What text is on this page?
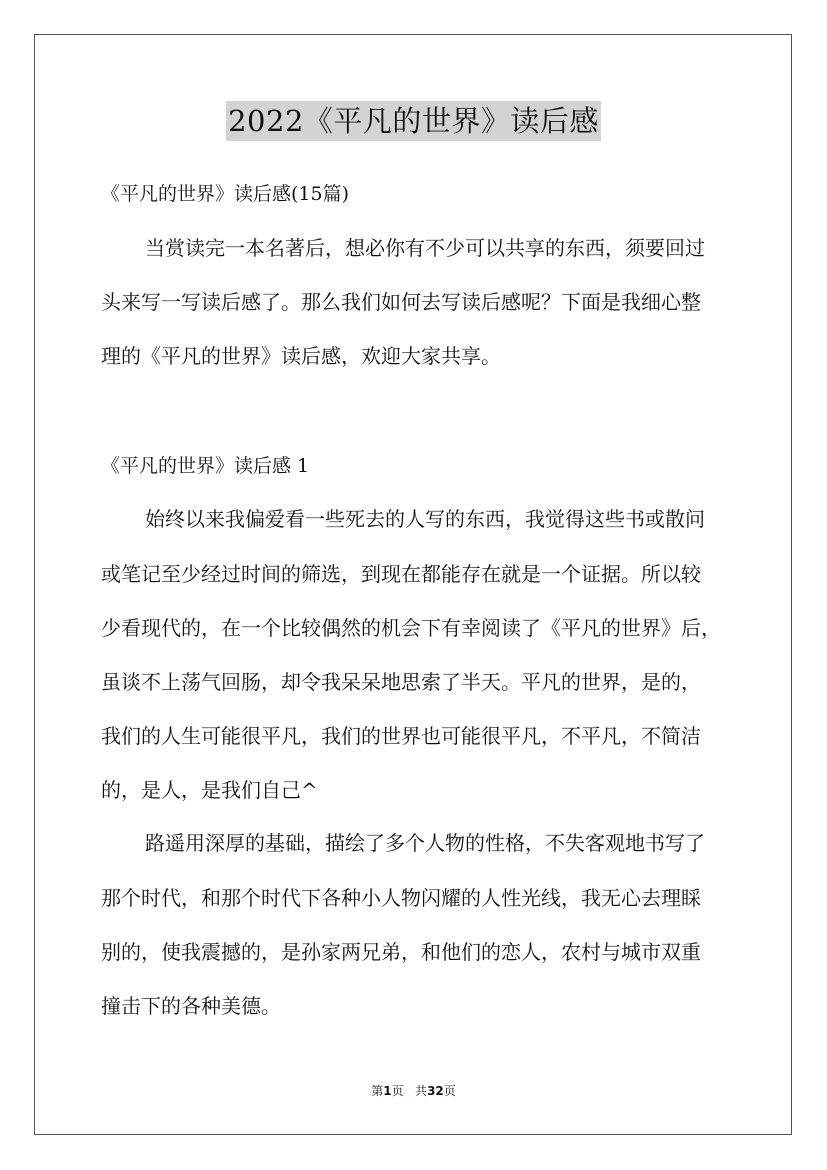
2022《平凡的世界》读后感
《平凡的世界》读后感(15篇)
当赏读完一本名著后，想必你有不少可以共享的东西，须要回过
头来写一写读后感了。那么我们如何去写读后感呢？下面是我细心整
理的《平凡的世界》读后感，欢迎大家共享。
《平凡的世界》读后感 1
始终以来我偏爱看一些死去的人写的东西，我觉得这些书或散问
或笔记至少经过时间的筛选，到现在都能存在就是一个证据。所以较
少看现代的，在一个比较偶然的机会下有幸阅读了《平凡的世界》后，
虽谈不上荡气回肠，却令我呆呆地思索了半天。平凡的世界，是的，
我们的人生可能很平凡，我们的世界也可能很平凡，不平凡，不简洁
的，是人，是我们自己^
路遥用深厚的基础，描绘了多个人物的性格，不失客观地书写了
那个时代，和那个时代下各种小人物闪耀的人性光线，我无心去理睬
别的，使我震撼的，是孙家两兄弟，和他们的恋人，农村与城市双重
撞击下的各种美德。
第1页 共32页
